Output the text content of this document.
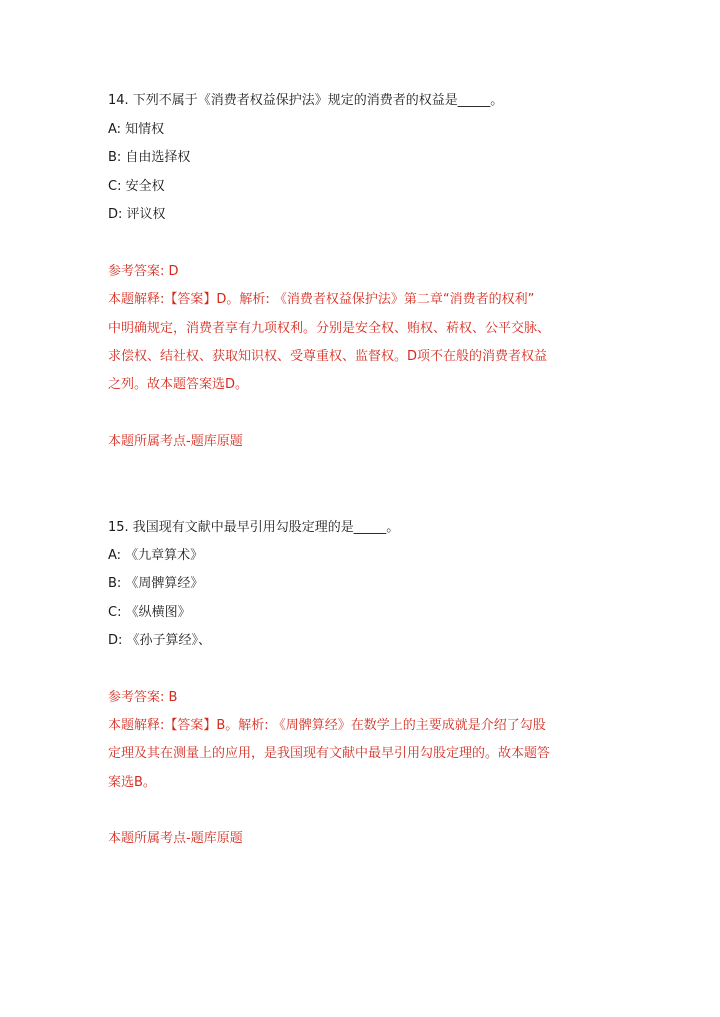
14. 下列不属于《消费者权益保护法》规定的消费者的权益是_____。
A: 知情权
B: 自由选择权
C: 安全权
D: 评议权
参考答案: D
本题解释:【答案】D。解析: 《消费者权益保护法》第二章“消费者的权利”
中明确规定，消费者享有九项权利。分别是安全权、贿权、菥权、公平交脉、
求偿权、结社权、获取知识权、受尊重权、监督权。D项不在般的消费者权益
之列。故本题答案选D。
本题所属考点-题库原题
15. 我国现有文献中最早引用勾股定理的是_____。
A: 《九章算术》
B: 《周髀算经》
C: 《纵横图》
D: 《孙子算经》、
参考答案: B
本题解释:【答案】B。解析: 《周髀算经》在数学上的主要成就是介绍了勾股
定理及其在测量上的应用，是我国现有文献中最早引用勾股定理的。故本题答
案选B。
本题所属考点-题库原题
